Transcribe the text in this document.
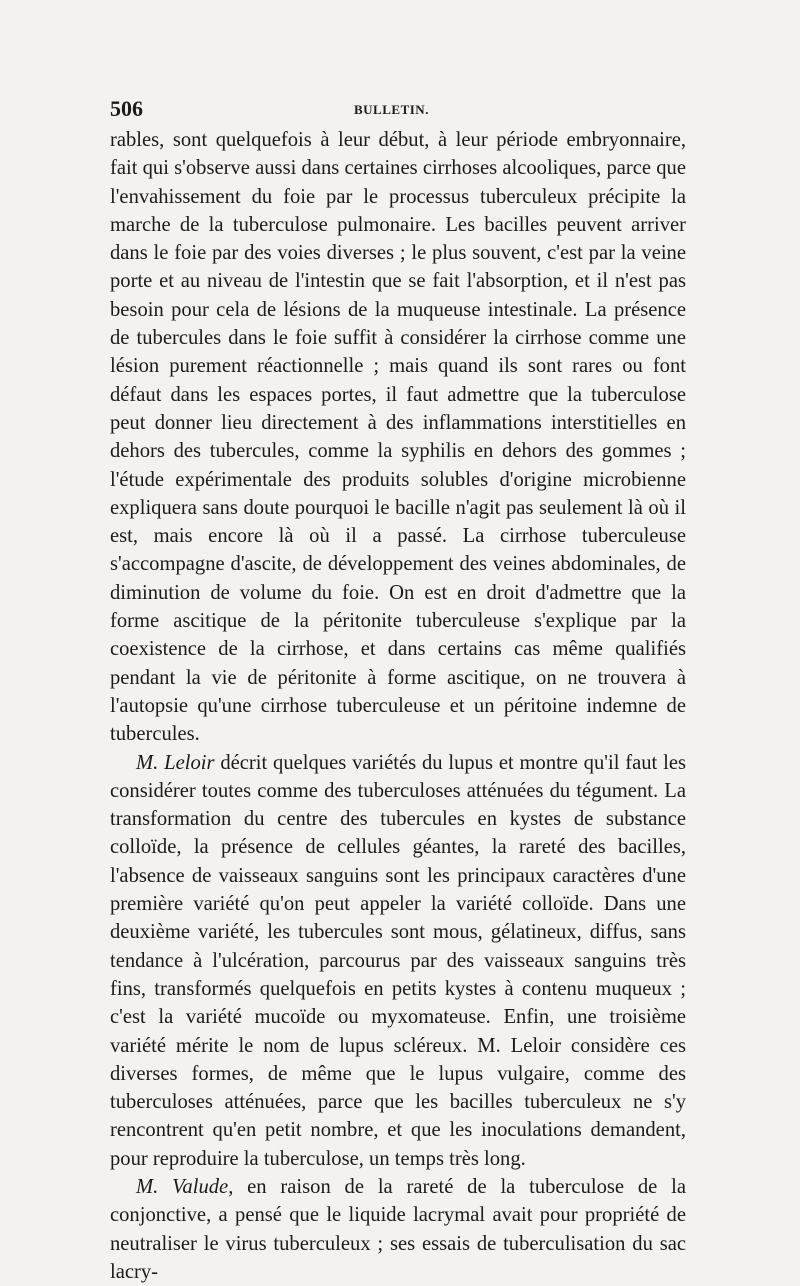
506	BULLETIN.

rables, sont quelquefois à leur début, à leur période embryonnaire, fait qui s'observe aussi dans certaines cirrhoses alcooliques, parce que l'envahissement du foie par le processus tuberculeux précipite la marche de la tuberculose pulmonaire. Les bacilles peuvent arriver dans le foie par des voies diverses ; le plus souvent, c'est par la veine porte et au niveau de l'intestin que se fait l'absorption, et il n'est pas besoin pour cela de lésions de la muqueuse intestinale. La présence de tubercules dans le foie suffit à considérer la cirrhose comme une lésion purement réactionnelle ; mais quand ils sont rares ou font défaut dans les espaces portes, il faut admettre que la tuberculose peut donner lieu directement à des inflammations interstitielles en dehors des tubercules, comme la syphilis en dehors des gommes ; l'étude expérimentale des produits solubles d'origine microbienne expliquera sans doute pourquoi le bacille n'agit pas seulement là où il est, mais encore là où il a passé. La cirrhose tuberculeuse s'accompagne d'ascite, de développement des veines abdominales, de diminution de volume du foie. On est en droit d'admettre que la forme ascitique de la péritonite tuberculeuse s'explique par la coexistence de la cirrhose, et dans certains cas même qualifiés pendant la vie de péritonite à forme ascitique, on ne trouvera à l'autopsie qu'une cirrhose tuberculeuse et un péritoine indemne de tubercules.

M. Leloir décrit quelques variétés du lupus et montre qu'il faut les considérer toutes comme des tuberculoses atténuées du tégument. La transformation du centre des tubercules en kystes de substance colloïde, la présence de cellules géantes, la rareté des bacilles, l'absence de vaisseaux sanguins sont les principaux caractères d'une première variété qu'on peut appeler la variété colloïde. Dans une deuxième variété, les tubercules sont mous, gélatineux, diffus, sans tendance à l'ulcération, parcourus par des vaisseaux sanguins très fins, transformés quelquefois en petits kystes à contenu muqueux ; c'est la variété mucoïde ou myxomateuse. Enfin, une troisième variété mérite le nom de lupus scléreux. M. Leloir considère ces diverses formes, de même que le lupus vulgaire, comme des tuberculoses atténuées, parce que les bacilles tuberculeux ne s'y rencontrent qu'en petit nombre, et que les inoculations demandent, pour reproduire la tuberculose, un temps très long.

M. Valude, en raison de la rareté de la tuberculose de la conjonctive, a pensé que le liquide lacrymal avait pour propriété de neutraliser le virus tuberculeux ; ses essais de tuberculisation du sac lacry-
